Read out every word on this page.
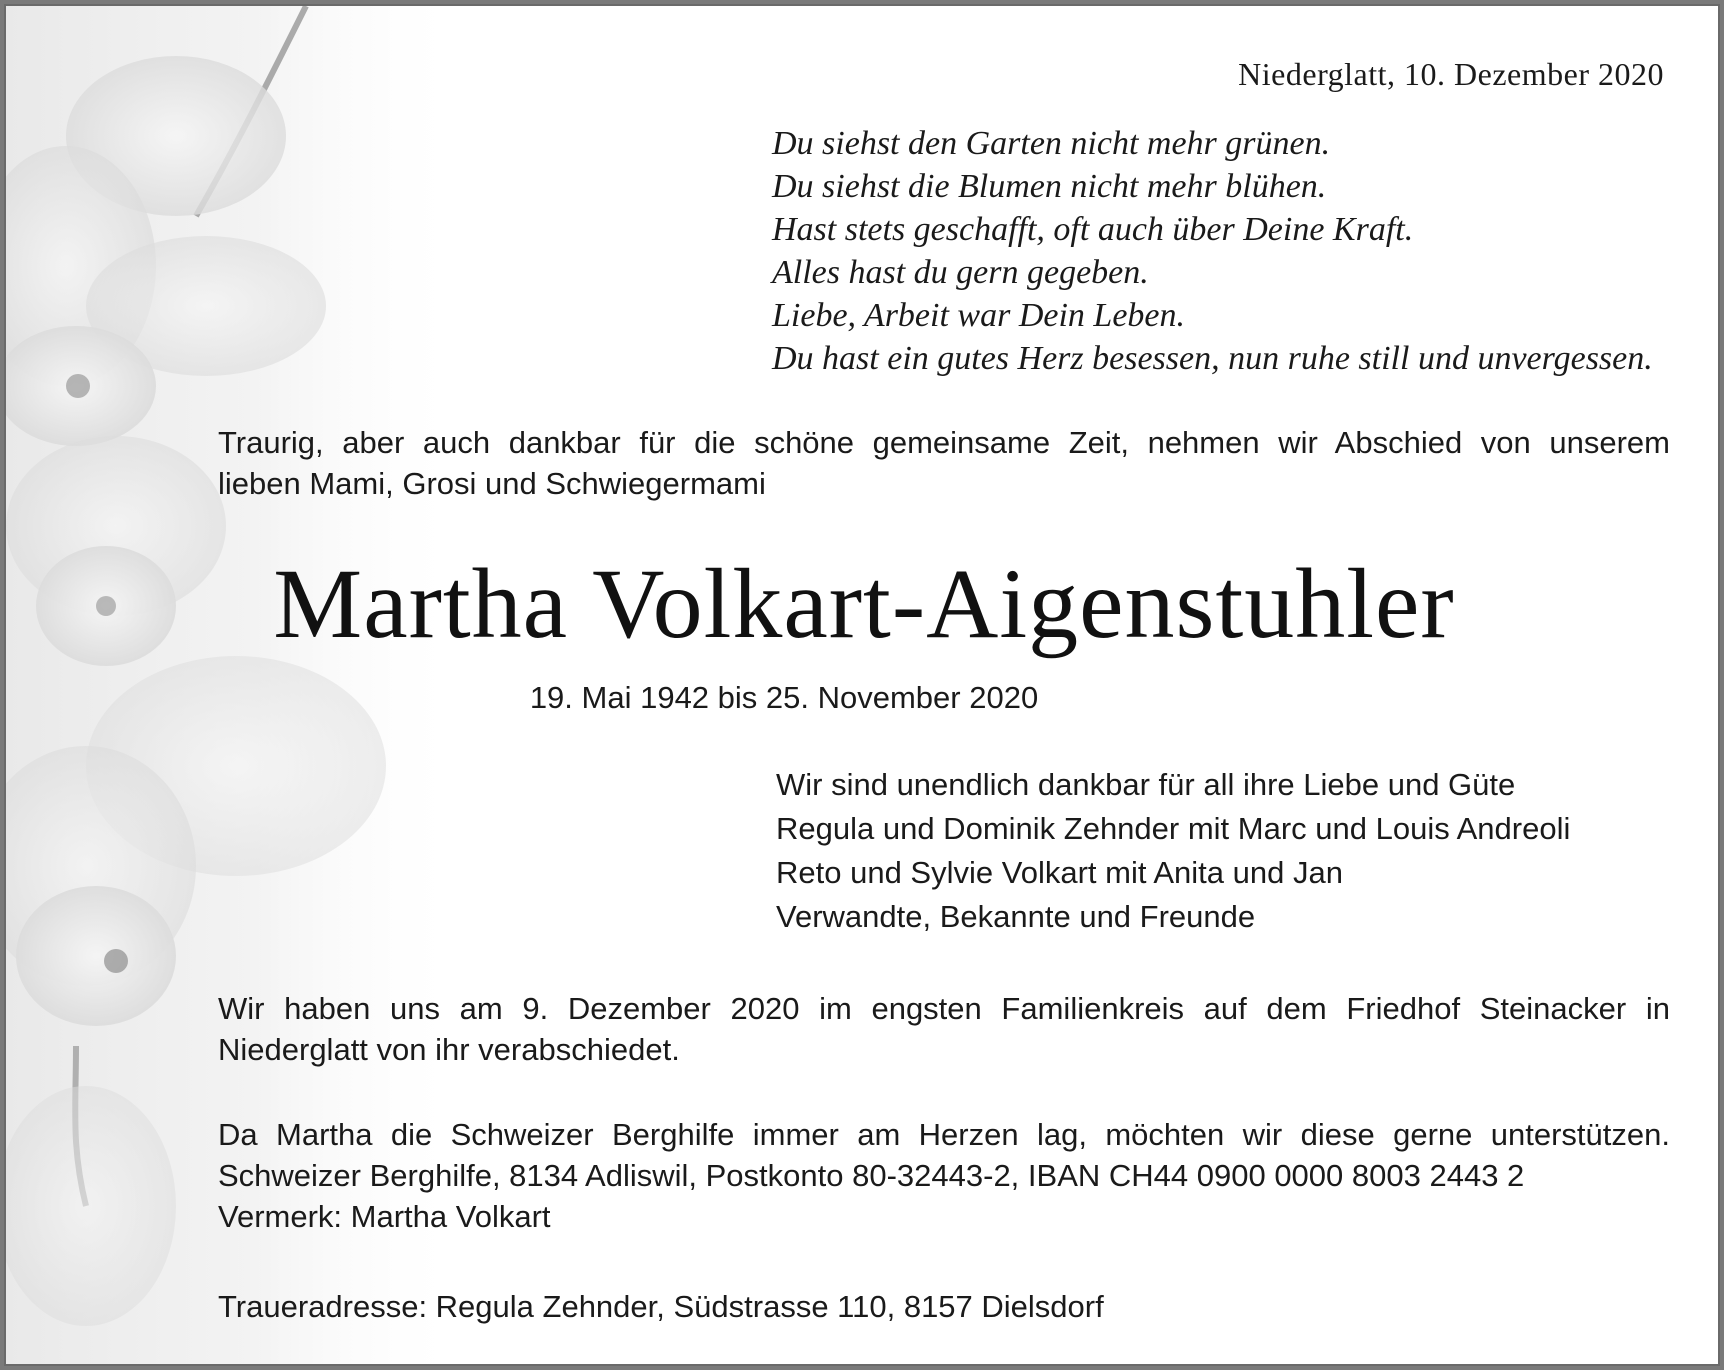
Niederglatt, 10. Dezember 2020
Du siehst den Garten nicht mehr grünen.
Du siehst die Blumen nicht mehr blühen.
Hast stets geschafft, oft auch über Deine Kraft.
Alles hast du gern gegeben.
Liebe, Arbeit war Dein Leben.
Du hast ein gutes Herz besessen, nun ruhe still und unvergessen.
Traurig, aber auch dankbar für die schöne gemeinsame Zeit, nehmen wir Abschied von unserem
lieben Mami, Grosi und Schwiegermami
Martha Volkart-Aigenstuhler
19. Mai 1942 bis 25. November 2020
Wir sind unendlich dankbar für all ihre Liebe und Güte
Regula und Dominik Zehnder mit Marc und Louis Andreoli
Reto und Sylvie Volkart mit Anita und Jan
Verwandte, Bekannte und Freunde
Wir haben uns am 9. Dezember 2020 im engsten Familienkreis auf dem Friedhof Steinacker in
Niederglatt von ihr verabschiedet.
Da Martha die Schweizer Berghilfe immer am Herzen lag, möchten wir diese gerne unterstützen.
Schweizer Berghilfe, 8134 Adliswil, Postkonto 80-32443-2, IBAN CH44 0900 0000 8003 2443 2
Vermerk: Martha Volkart
Traueradresse: Regula Zehnder, Südstrasse 110, 8157 Dielsdorf
